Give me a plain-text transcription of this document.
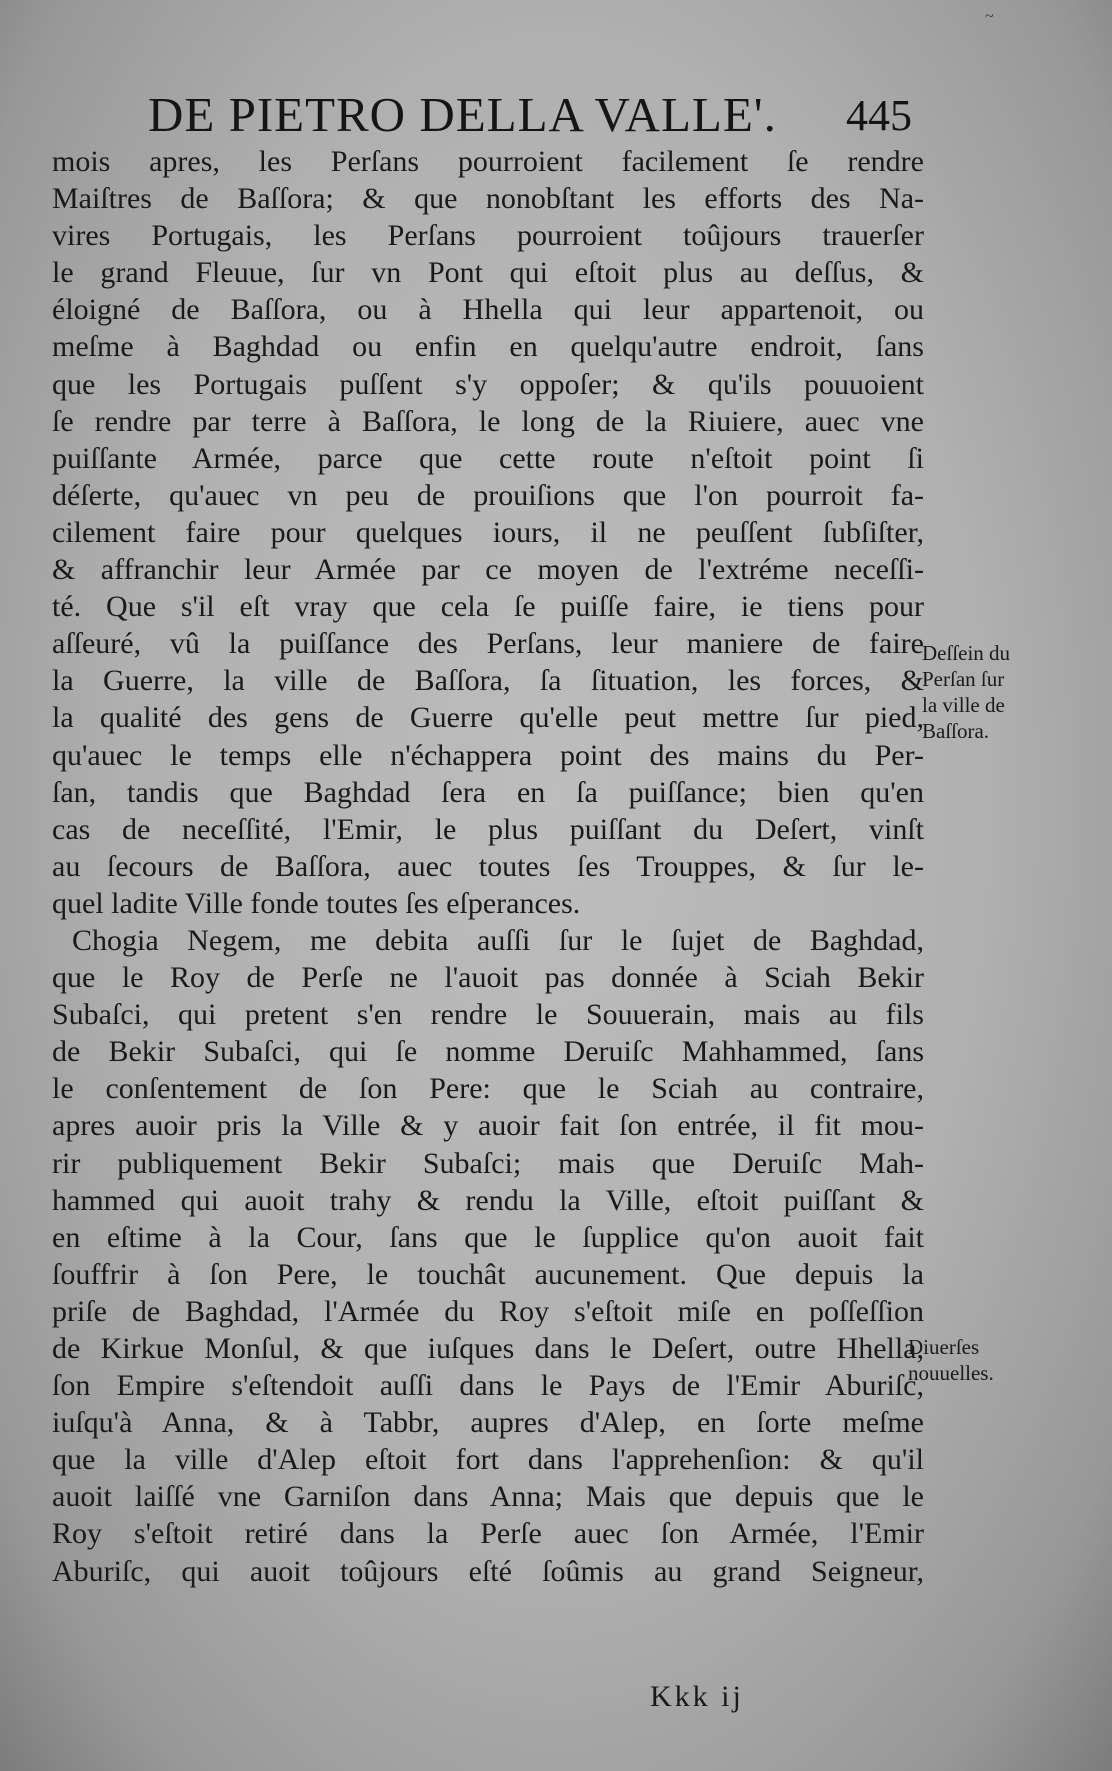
~
DE PIETRO DELLA VALLE'. 445
mois apres, les Perſans pourroient facilement ſe rendre
Maiſtres de Baſſora; & que nonobſtant les efforts des Na-
vires Portugais, les Perſans pourroient toûjours trauerſer
le grand Fleuue, ſur vn Pont qui eſtoit plus au deſſus, &
éloigné de Baſſora, ou à Hhella qui leur appartenoit, ou
meſme à Baghdad ou enfin en quelqu'autre endroit, ſans
que les Portugais puſſent s'y oppoſer; & qu'ils pouuoient
ſe rendre par terre à Baſſora, le long de la Riuiere, auec vne
puiſſante Armée, parce que cette route n'eſtoit point ſi
déſerte, qu'auec vn peu de prouiſions que l'on pourroit fa-
cilement faire pour quelques iours, il ne peuſſent ſubſiſter,
& affranchir leur Armée par ce moyen de l'extréme neceſſi-
té. Que s'il eſt vray que cela ſe puiſſe faire, ie tiens pour
aſſeuré, vû la puiſſance des Perſans, leur maniere de faire
la Guerre, la ville de Baſſora, ſa ſituation, les forces, &
la qualité des gens de Guerre qu'elle peut mettre ſur pied,
qu'auec le temps elle n'échappera point des mains du Per-
ſan, tandis que Baghdad ſera en ſa puiſſance; bien qu'en
cas de neceſſité, l'Emir, le plus puiſſant du Deſert, vinſt
au ſecours de Baſſora, auec toutes ſes Trouppes, & ſur le-
quel ladite Ville fonde toutes ſes eſperances.
Chogia Negem, me debita auſſi ſur le ſujet de Baghdad,
que le Roy de Perſe ne l'auoit pas donnée à Sciah Bekir
Subaſci, qui pretent s'en rendre le Souuerain, mais au fils
de Bekir Subaſci, qui ſe nomme Deruiſc Mahhammed, ſans
le conſentement de ſon Pere: que le Sciah au contraire,
apres auoir pris la Ville & y auoir fait ſon entrée, il fit mou-
rir publiquement Bekir Subaſci; mais que Deruiſc Mah-
hammed qui auoit trahy & rendu la Ville, eſtoit puiſſant &
en eſtime à la Cour, ſans que le ſupplice qu'on auoit fait
ſouffrir à ſon Pere, le touchât aucunement. Que depuis la
priſe de Baghdad, l'Armée du Roy s'eſtoit miſe en poſſeſſion
de Kirkue Monſul, & que iuſques dans le Deſert, outre Hhella,
ſon Empire s'eſtendoit auſſi dans le Pays de l'Emir Aburiſc,
iuſqu'à Anna, & à Tabbr, aupres d'Alep, en ſorte meſme
que la ville d'Alep eſtoit fort dans l'apprehenſion: & qu'il
auoit laiſſé vne Garniſon dans Anna; Mais que depuis que le
Roy s'eſtoit retiré dans la Perſe auec ſon Armée, l'Emir
Aburiſc, qui auoit toûjours eſté ſoûmis au grand Seigneur,
Deſſein du
Perſan ſur
la ville de
Baſſora.
Diuerſes
nouuelles.
Kkk ij
